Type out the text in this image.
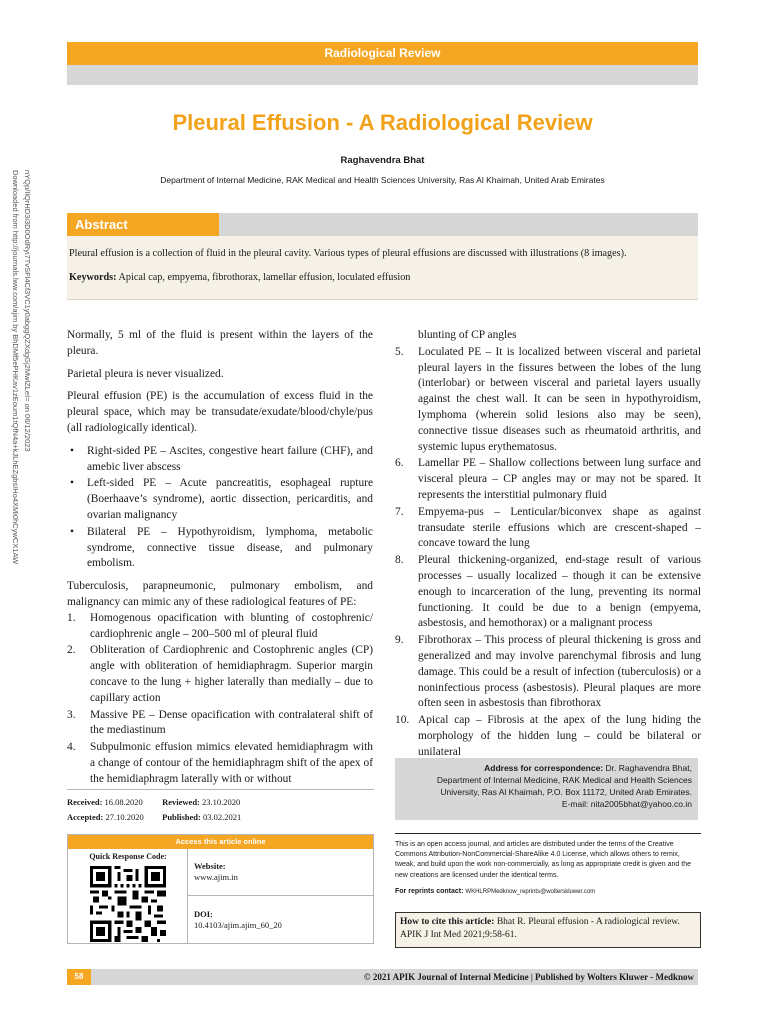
Radiological Review
Pleural Effusion - A Radiological Review
Raghavendra Bhat
Department of Internal Medicine, RAK Medical and Health Sciences University, Ras Al Khaimah, United Arab Emirates
Downloaded from http://journals.lww.com/ajim by BhDMf5ePHKav1zEoum1tQfN4a+kJLhEZgbsIHo4XMi0hCywCX1AW nYQp/IlQrHD3i3D0OdRyi7TvSFl4Cf3VC1y0abggQZXdgGj2MwlZLeI= on 06/12/2023	Abstract

Pleural effusion is a collection of fluid in the pleural cavity. Various types of pleural effusions are discussed with illustrations (8 images).

Keywords: Apical cap, empyema, fibrothorax, lamellar effusion, loculated effusion

Normally, 5 ml of the fluid is present within the layers of the pleura.

Parietal pleura is never visualized.

Pleural effusion (PE) is the accumulation of excess fluid in the pleural space, which may be transudate/exudate/blood/chyle/pus (all radiologically identical).

• Right-sided PE – Ascites, congestive heart failure (CHF), and amebic liver abscess
• Left-sided PE – Acute pancreatitis, esophageal rupture (Boerhaave’s syndrome), aortic dissection, pericarditis, and ovarian malignancy
• Bilateral PE – Hypothyroidism, lymphoma, metabolic syndrome, connective tissue disease, and pulmonary embolism.

Tuberculosis, parapneumonic, pulmonary embolism, and malignancy can mimic any of these radiological features of PE:

1. Homogenous opacification with blunting of costophrenic/ cardiophrenic angle – 200–500 ml of pleural fluid
2. Obliteration of Cardiophrenic and Costophrenic angles (CP) angle with obliteration of hemidiaphragm. Superior margin concave to the lung + higher laterally than medially – due to capillary action
3. Massive PE – Dense opacification with contralateral shift of the mediastinum
4. Subpulmonic effusion mimics elevated hemidiaphragm with a change of contour of the hemidiaphragm shift of the apex of the hemidiaphragm laterally with or without
blunting of CP angles
5. Loculated PE – It is localized between visceral and parietal pleural layers in the fissures between the lobes of the lung (interlobar) or between visceral and parietal layers usually against the chest wall. It can be seen in hypothyroidism, lymphoma (wherein solid lesions also may be seen), connective tissue diseases such as rheumatoid arthritis, and systemic lupus erythematosus.
6. Lamellar PE – Shallow collections between lung surface and visceral pleura – CP angles may or may not be spared. It represents the interstitial pulmonary fluid
7. Empyema-pus – Lenticular/biconvex shape as against transudate sterile effusions which are crescent-shaped – concave toward the lung
8. Pleural thickening-organized, end-stage result of various processes – usually localized – though it can be extensive enough to incarceration of the lung, preventing its normal functioning. It could be due to a benign (empyema, asbestosis, and hemothorax) or a malignant process
9. Fibrothorax – This process of pleural thickening is gross and generalized and may involve parenchymal fibrosis and lung damage. This could be a result of infection (tuberculosis) or a noninfectious process (asbestosis). Pleural plaques are more often seen in asbestosis than fibrothorax
10. Apical cap – Fibrosis at the apex of the lung hiding the morphology of the hidden lung – could be bilateral or unilateral
Address for correspondence: Dr. Raghavendra Bhat,
Department of Internal Medicine, RAK Medical and Health Sciences
University, Ras Al Khaimah, P.O. Box 11172, United Arab Emirates.
E-mail: nita2005bhat@yahoo.co.in
Received: 16.08.2020 Reviewed: 23.10.2020
Accepted: 27.10.2020 Published: 03.02.2021
Access this article online
Quick Response Code:
Website:
www.ajim.in
DOI:
10.4103/ajim.ajim_60_20

This is an open access journal, and articles are distributed under the terms of the Creative Commons Attribution-NonCommercial-ShareAlike 4.0 License, which allows others to remix, tweak, and build upon the work non-commercially, as long as appropriate credit is given and the new creations are licensed under the identical terms.

For reprints contact: WKHLRPMedknow_reprints@wolterskluwer.com

How to cite this article: Bhat R. Pleural effusion - A radiological review. APIK J Int Med 2021;9:58-61.
58	© 2021 APIK Journal of Internal Medicine | Published by Wolters Kluwer - Medknow
